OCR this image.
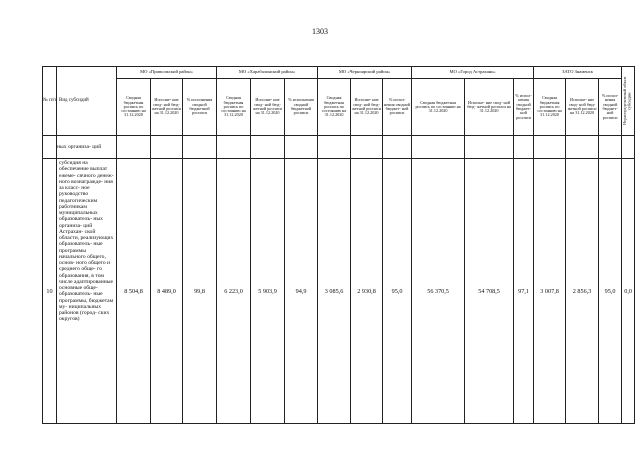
1303
№ п/п	Вид субсидий	МО «Приволжский район»			МО «Харабалинский район»			МО «Черноярский район»			МО «Город Астрахань»			ЗАТО Знаменск			Нераспределенный объем субсидии

		Сводная бюджетная роспись по состоянию на 31.12.2020	Исполне- ние свод- ной бюд- жетной росписи на 31.12.2020	% исполнения сводной бюджетной росписи	Сводная бюджетная роспись по состоянию на 31.12.2020	Исполне- ние свод- ной бюд- жетной росписи на 31.12.2020	% исполнения сводной бюджетной росписи	Сводная бюджетная роспись по состоянию на 31.12.2020	Исполне- ние свод- ной бюд- жетной росписи на 31.12.2020	% испол- нения сводной бюджет- ной росписи	Сводная бюджетная роспись по состоянию на 31.12.2020	Исполне- ние свод- ной бюд- жетной росписи на 31.12.2020	% испол- нения сводной бюджет- ной росписи	Сводная бюджетная роспись по состоянию на 31.12.2020	Исполне- ние свод- ной бюд- жетной росписи на 31.12.2020	% испол- нения сводной бюджет- ной росписи	
	ных организа- ций																
10	субсидия на обеспечение выплат ежеме- сячного денеж- ного вознагражде- ния за класс- ное руководство педагогическим работникам муниципальных образователь- ных организа- ций Астрахан- ской области, реализующих образователь- ные программы начального общего, основ- ного общего и среднего обще- го образования, в том числе адаптированные основные обще- образователь- ные программы, бюджетам му- ниципальных районов (город- ских округов)	8 504,8	8 489,0	99,8	6 223,0	5 903,9	94,9	3 085,6	2 930,8	95,0	56 370,5	54 708,5	97,1	3 007,8	2 856,3	95,0	0,0
